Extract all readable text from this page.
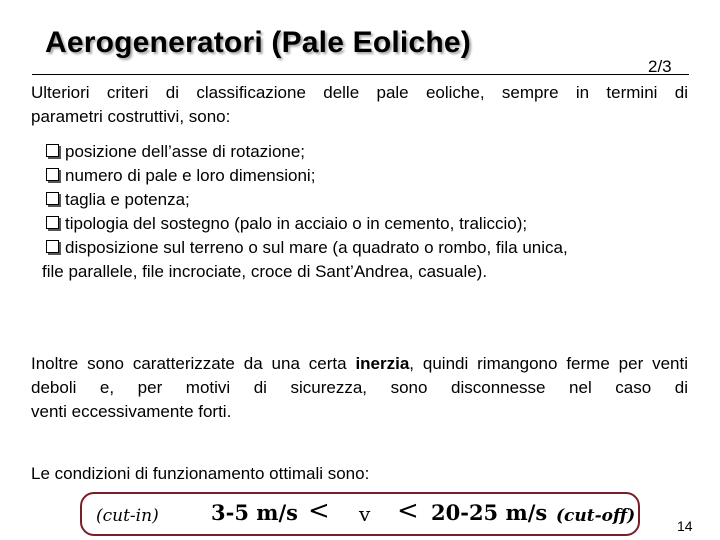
Aerogeneratori (Pale Eoliche)
2/3
Ulteriori criteri di classificazione delle pale eoliche, sempre in termini di
parametri costruttivi, sono:
posizione dell’asse di rotazione;
numero di pale e loro dimensioni;
taglia e potenza;
tipologia del sostegno (palo in acciaio o in cemento, traliccio);
disposizione sul terreno o sul mare (a quadrato o rombo, fila unica,
file parallele, file incrociate, croce di Sant’Andrea, casuale).
Inoltre sono caratterizzate da una certa inerzia, quindi rimangono ferme per venti deboli e, per motivi di sicurezza, sono disconnesse nel caso di
venti eccessivamente forti.
Le condizioni di funzionamento ottimali sono:
(cut-in) 3-5 m/s < v < 20-25 m/s (cut-off)	14
